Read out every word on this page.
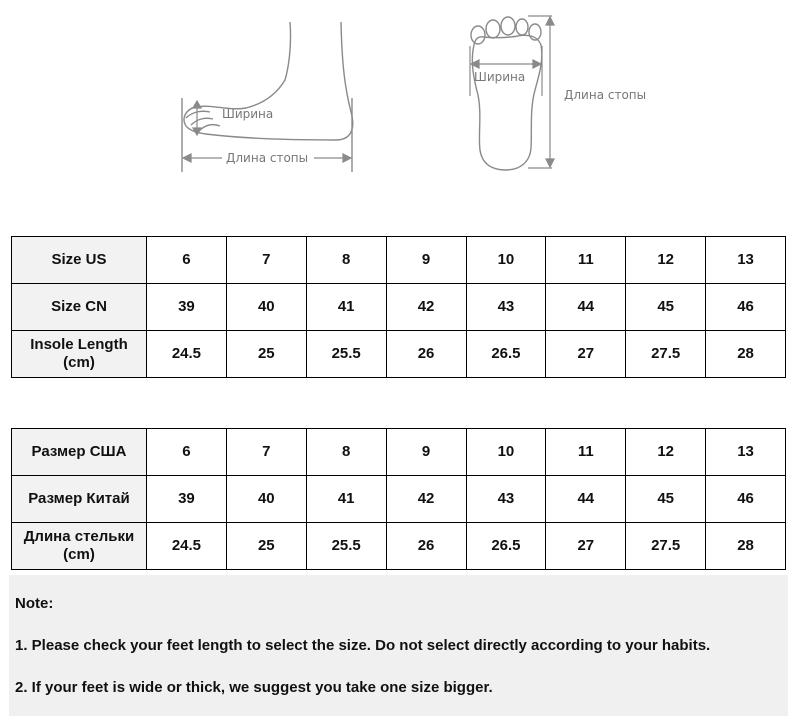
Ширина
Длина стопы
Ширина
Длина стопы
Size US	6	7	8	9	10	11	12	13
Size CN	39	40	41	42	43	44	45	46
Insole Length
(cm)	24.5	25	25.5	26	26.5	27	27.5	28
Размер США	6	7	8	9	10	11	12	13
Размер Китай	39	40	41	42	43	44	45	46
Длина стельки
(cm)	24.5	25	25.5	26	26.5	27	27.5	28
Note:
1. Please check your feet length to select the size. Do not select directly according to your habits.
2. If your feet is wide or thick, we suggest you take one size bigger.
